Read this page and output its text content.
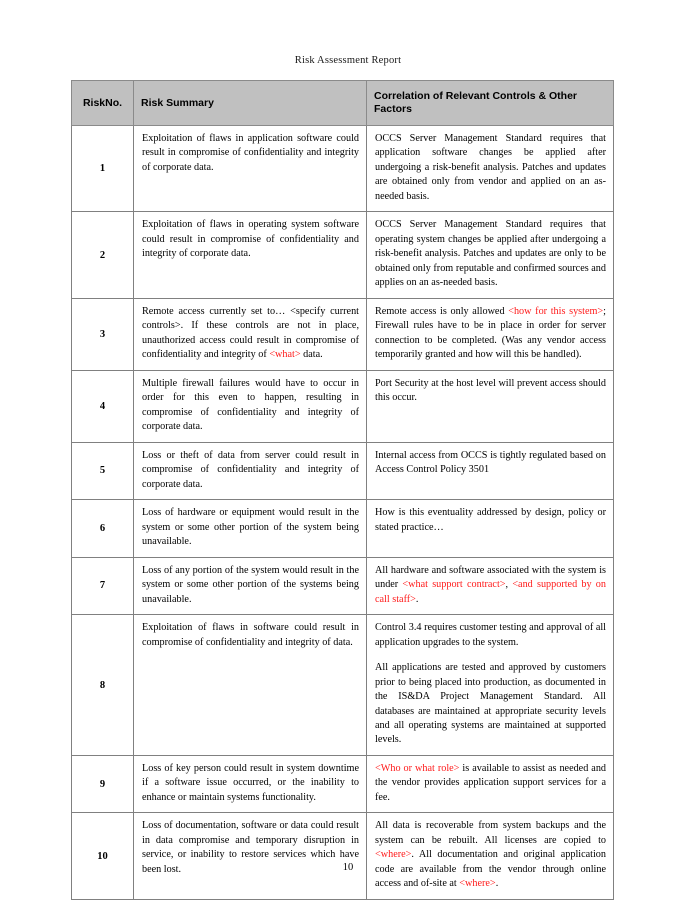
Risk Assessment Report
RiskNo.	Risk Summary	Correlation of Relevant Controls & Other Factors
1	Exploitation of flaws in application software could result in compromise of confidentiality and integrity of corporate data.	OCCS Server Management Standard requires that application software changes be applied after undergoing a risk-benefit analysis. Patches and updates are obtained only from vendor and applied on an as-needed basis.

2	Exploitation of flaws in operating system software could result in compromise of confidentiality and integrity of corporate data.	OCCS Server Management Standard requires that operating system changes be applied after undergoing a risk-benefit analysis. Patches and updates are only to be obtained only from reputable and confirmed sources and applies on an as-needed basis.

3	Remote access currently set to… <specify current controls>. If these controls are not in place, unauthorized access could result in compromise of confidentiality and integrity of <what> data.	Remote access is only allowed <how for this system>; Firewall rules have to be in place in order for server connection to be completed. (Was any vendor access temporarily granted and how will this be handled).

4	Multiple firewall failures would have to occur in order for this even to happen, resulting in compromise of confidentiality and integrity of corporate data.	Port Security at the host level will prevent access should this occur.

5	Loss or theft of data from server could result in compromise of confidentiality and integrity of corporate data.	Internal access from OCCS is tightly regulated based on Access Control Policy 3501

6	Loss of hardware or equipment would result in the system or some other portion of the system being unavailable.	How is this eventuality addressed by design, policy or stated practice…

7	Loss of any portion of the system would result in the system or some other portion of the systems being unavailable.	All hardware and software associated with the system is under <what support contract>, <and supported by on call staff>.

8	Exploitation of flaws in software could result in compromise of confidentiality and integrity of data.	Control 3.4 requires customer testing and approval of all application upgrades to the system.

All applications are tested and approved by customers prior to being placed into production, as documented in the IS&DA Project Management Standard. All databases are maintained at appropriate security levels and all operating systems are maintained at supported levels.

9	Loss of key person could result in system downtime if a software issue occurred, or the inability to enhance or maintain systems functionality.	<Who or what role> is available to assist as needed and the vendor provides application support services for a fee.

10	Loss of documentation, software or data could result in data compromise and temporary disruption in service, or inability to restore services which have been lost.	All data is recoverable from system backups and the system can be rebuilt. All licenses are copied to <where>. All documentation and original application code are available from the vendor through online access and of-site at <where>.

10
